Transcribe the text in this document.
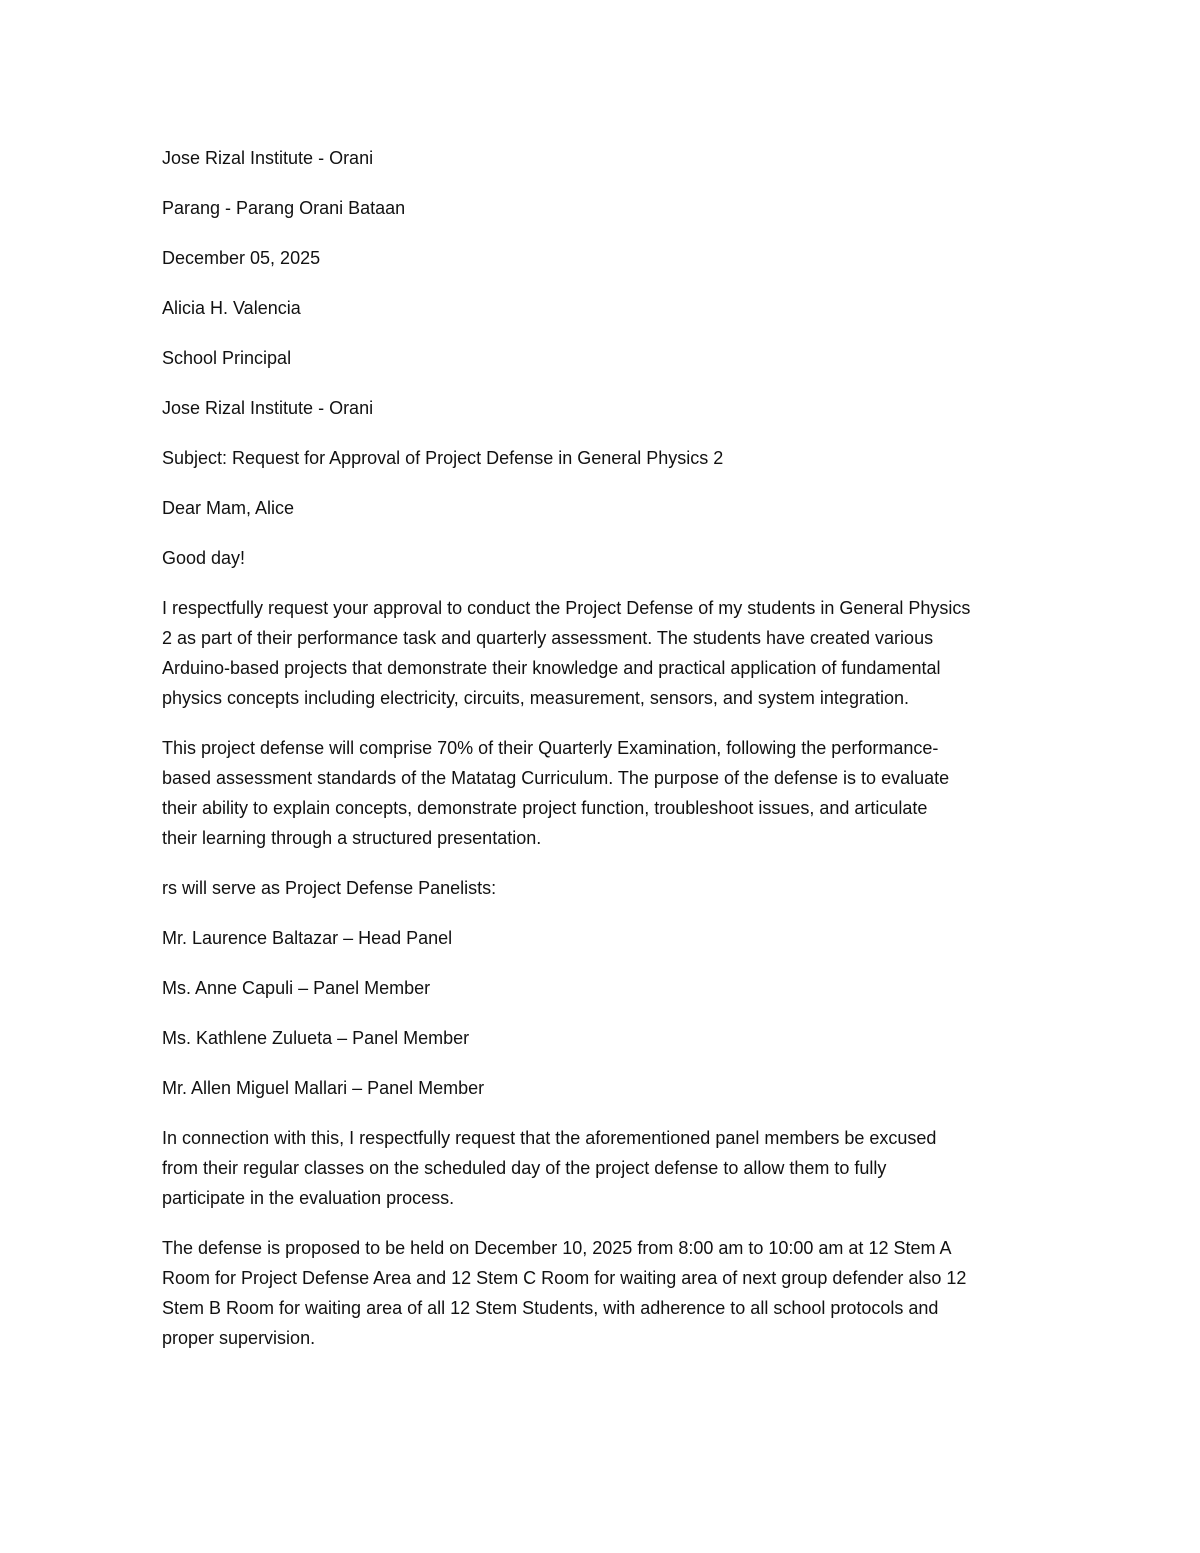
Jose Rizal Institute - Orani

Parang - Parang Orani Bataan

December 05, 2025

Alicia H. Valencia

School Principal

Jose Rizal Institute - Orani

Subject: Request for Approval of Project Defense in General Physics 2

Dear Mam, Alice

Good day!

I respectfully request your approval to conduct the Project Defense of my students in General Physics
2 as part of their performance task and quarterly assessment. The students have created various
Arduino-based projects that demonstrate their knowledge and practical application of fundamental
physics concepts including electricity, circuits, measurement, sensors, and system integration.

This project defense will comprise 70% of their Quarterly Examination, following the performance-
based assessment standards of the Matatag Curriculum. The purpose of the defense is to evaluate
their ability to explain concepts, demonstrate project function, troubleshoot issues, and articulate
their learning through a structured presentation.

rs will serve as Project Defense Panelists:

Mr. Laurence Baltazar – Head Panel

Ms. Anne Capuli – Panel Member

Ms. Kathlene Zulueta – Panel Member

Mr. Allen Miguel Mallari – Panel Member

In connection with this, I respectfully request that the aforementioned panel members be excused
from their regular classes on the scheduled day of the project defense to allow them to fully
participate in the evaluation process.

The defense is proposed to be held on December 10, 2025 from 8:00 am to 10:00 am at 12 Stem A
Room for Project Defense Area and 12 Stem C Room for waiting area of next group defender also 12
Stem B Room for waiting area of all 12 Stem Students, with adherence to all school protocols and
proper supervision.
